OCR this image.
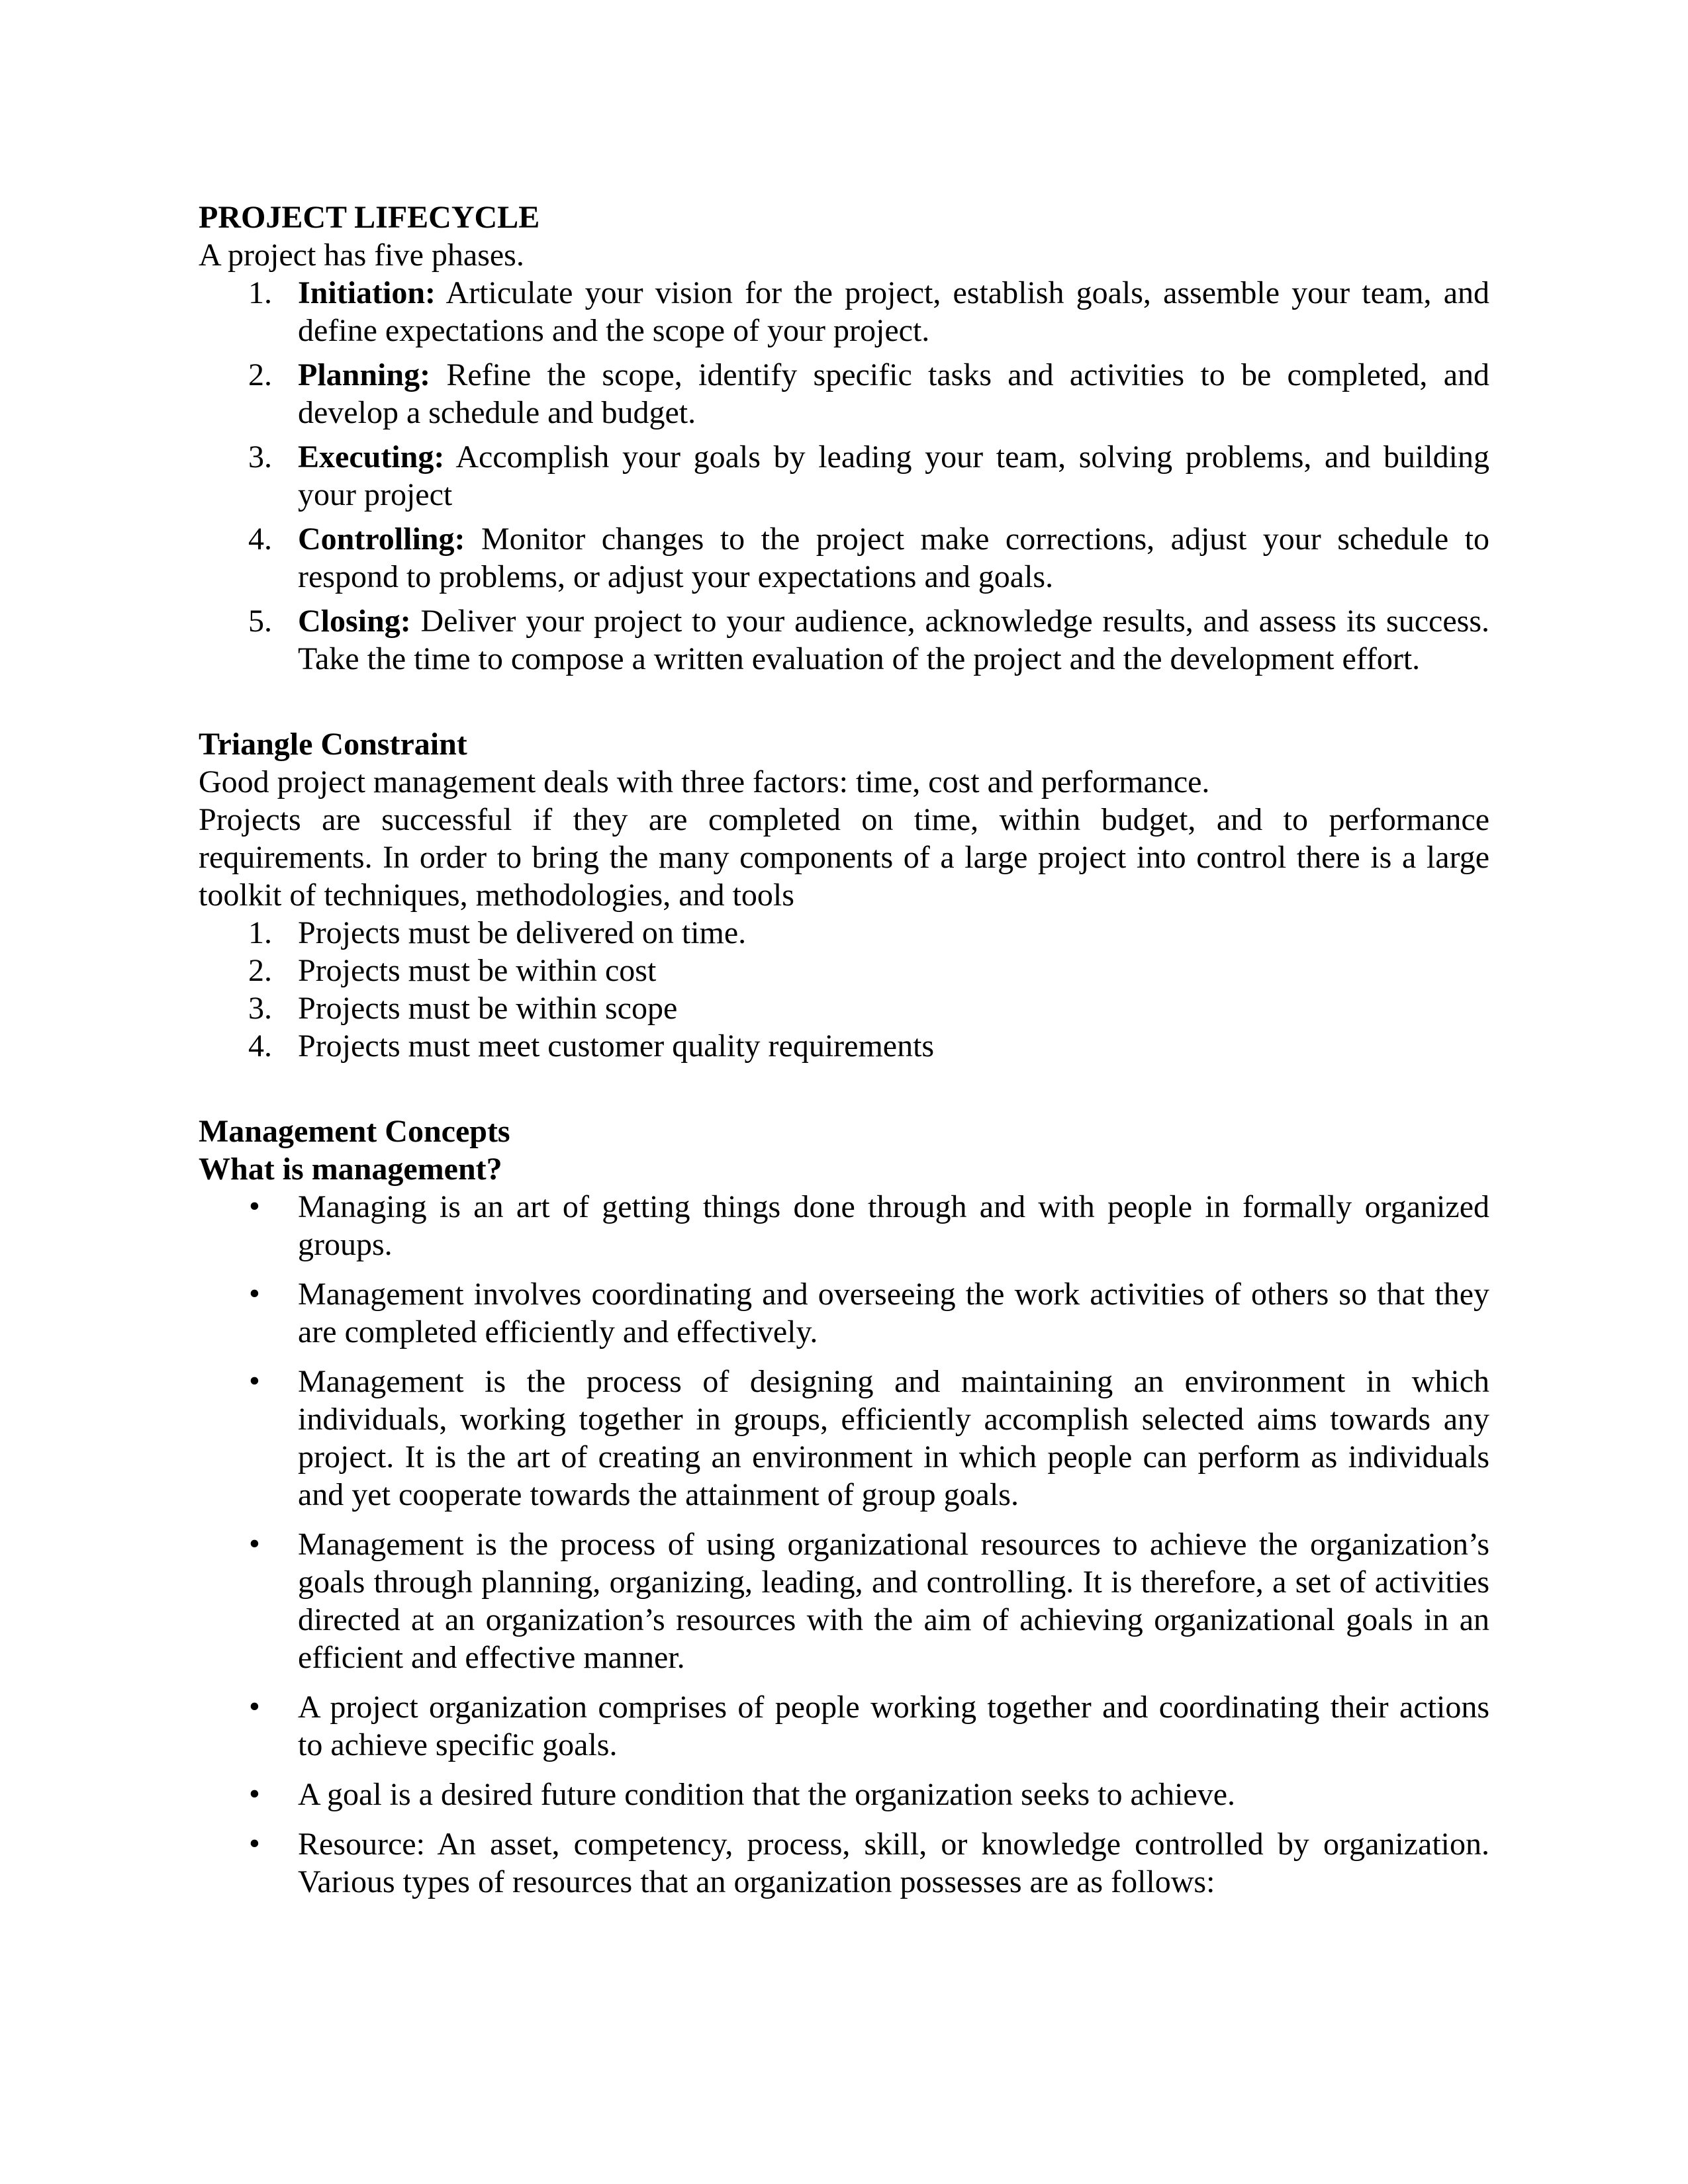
PROJECT LIFECYCLE

A project has five phases.

1. Initiation: Articulate your vision for the project, establish goals, assemble your team, and define expectations and the scope of your project.
2. Planning: Refine the scope, identify specific tasks and activities to be completed, and develop a schedule and budget.
3. Executing: Accomplish your goals by leading your team, solving problems, and building your project
4. Controlling: Monitor changes to the project make corrections, adjust your schedule to respond to problems, or adjust your expectations and goals.
5. Closing: Deliver your project to your audience, acknowledge results, and assess its success. Take the time to compose a written evaluation of the project and the development effort.
Triangle Constraint

Good project management deals with three factors: time, cost and performance.

Projects are successful if they are completed on time, within budget, and to performance requirements. In order to bring the many components of a large project into control there is a large toolkit of techniques, methodologies, and tools

1. Projects must be delivered on time.
2. Projects must be within cost
3. Projects must be within scope
4. Projects must meet customer quality requirements
Management Concepts
What is management?
• Managing is an art of getting things done through and with people in formally organized groups.
• Management involves coordinating and overseeing the work activities of others so that they are completed efficiently and effectively.
• Management is the process of designing and maintaining an environment in which individuals, working together in groups, efficiently accomplish selected aims towards any project. It is the art of creating an environment in which people can perform as individuals and yet cooperate towards the attainment of group goals.
• Management is the process of using organizational resources to achieve the organization’s goals through planning, organizing, leading, and controlling. It is therefore, a set of activities directed at an organization’s resources with the aim of achieving organizational goals in an efficient and effective manner.
• A project organization comprises of people working together and coordinating their actions to achieve specific goals.
• A goal is a desired future condition that the organization seeks to achieve.
• Resource: An asset, competency, process, skill, or knowledge controlled by organization. Various types of resources that an organization possesses are as follows:
